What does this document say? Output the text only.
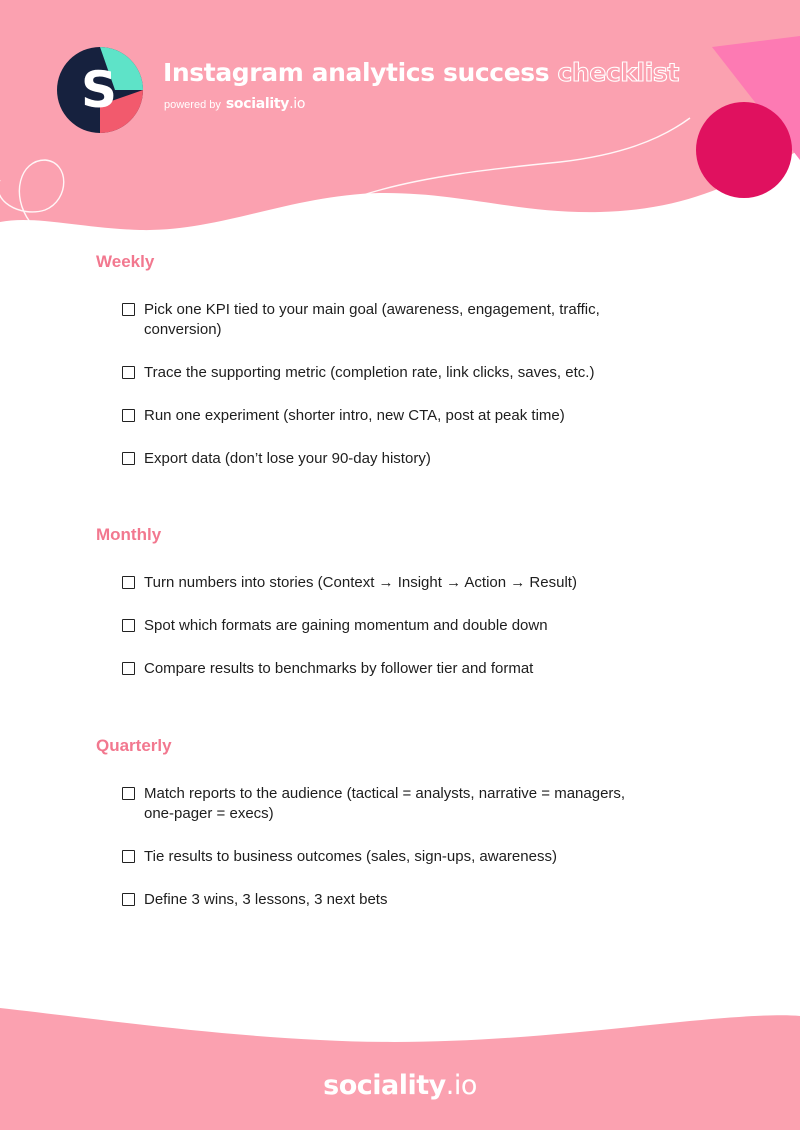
S Instagram analytics success checklist
powered by sociality.io
Weekly
Pick one KPI tied to your main goal (awareness, engagement, traffic, conversion)
Trace the supporting metric (completion rate, link clicks, saves, etc.)
Run one experiment (shorter intro, new CTA, post at peak time)
Export data (don’t lose your 90-day history)
Monthly
Turn numbers into stories (Context → Insight → Action → Result)
Spot which formats are gaining momentum and double down
Compare results to benchmarks by follower tier and format
Quarterly
Match reports to the audience (tactical = analysts, narrative = managers, one-pager = execs)
Tie results to business outcomes (sales, sign-ups, awareness)
Define 3 wins, 3 lessons, 3 next bets
sociality.io
